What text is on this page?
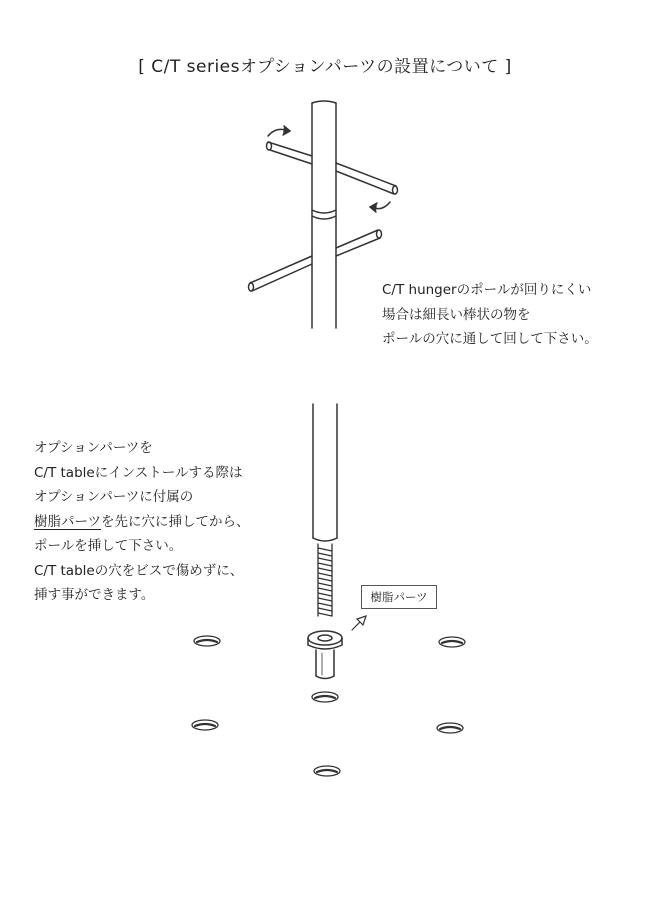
[ C/T seriesオプションパーツの設置について ]
C/T hungerのポールが回りにくい
場合は細長い棒状の物を
ポールの穴に通して回して下さい。
オプションパーツを
C/T tableにインストールする際は
オプションパーツに付属の
樹脂パーツを先に穴に挿してから、
ポールを挿して下さい。
C/T tableの穴をビスで傷めずに、
挿す事ができます。	樹脂パーツ
